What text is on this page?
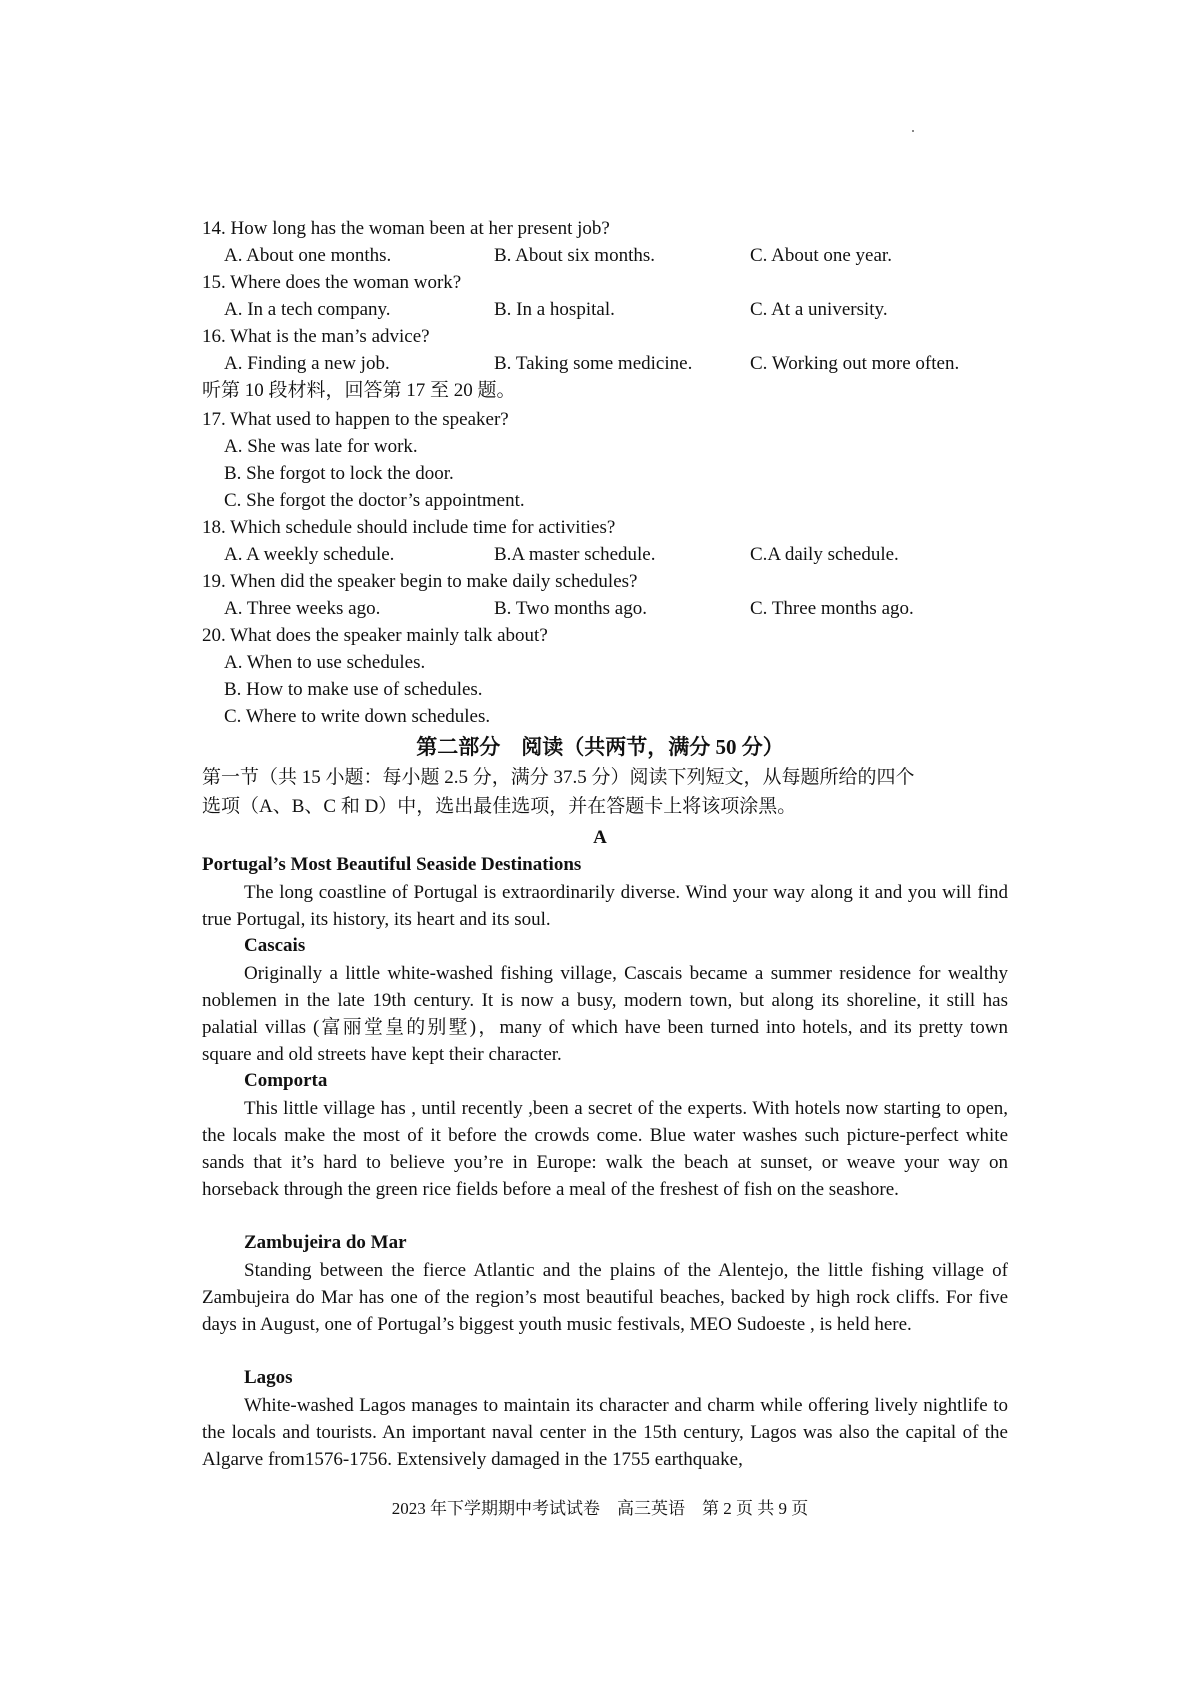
14. How long has the woman been at her present job?
A. About one months.	B. About six months.	C. About one year.
15. Where does the woman work?
A. In a tech company.	B. In a hospital.	C. At a university.
16. What is the man’s advice?
A. Finding a new job.	B. Taking some medicine.	C. Working out more often.
听第 10 段材料，回答第 17 至 20 题。
17. What used to happen to the speaker?
A. She was late for work.
B. She forgot to lock the door.
C. She forgot the doctor’s appointment.
18. Which schedule should include time for activities?
A. A weekly schedule.	B.A master schedule.	C.A daily schedule.
19. When did the speaker begin to make daily schedules?
A. Three weeks ago.	B. Two months ago.	C. Three months ago.
20. What does the speaker mainly talk about?
A. When to use schedules.
B. How to make use of schedules.
C. Where to write down schedules.
第二部分　阅读（共两节，满分 50 分）
第一节（共 15 小题：每小题 2.5 分，满分 37.5 分）阅读下列短文，从每题所给的四个
选项（A、B、C 和 D）中，选出最佳选项，并在答题卡上将该项涂黑。
A
Portugal’s Most Beautiful Seaside Destinations
The long coastline of Portugal is extraordinarily diverse. Wind your way along it and you will find true Portugal, its history, its heart and its soul.
Cascais
Originally a little white-washed fishing village, Cascais became a summer residence for wealthy noblemen in the late 19th century. It is now a busy, modern town, but along its shoreline, it still has palatial villas (富丽堂皇的别墅)，many of which have been turned into hotels, and its pretty town square and old streets have kept their character.
Comporta
This little village has , until recently ,been a secret of the experts. With hotels now starting to open, the locals make the most of it before the crowds come. Blue water washes such picture-perfect white sands that it’s hard to believe you’re in Europe: walk the beach at sunset, or weave your way on horseback through the green rice fields before a meal of the freshest of fish on the seashore.
Zambujeira do Mar
Standing between the fierce Atlantic and the plains of the Alentejo, the little fishing village of Zambujeira do Mar has one of the region’s most beautiful beaches, backed by high rock cliffs. For five days in August, one of Portugal’s biggest youth music festivals, MEO Sudoeste , is held here.
Lagos
White-washed Lagos manages to maintain its character and charm while offering lively nightlife to the locals and tourists. An important naval center in the 15th century, Lagos was also the capital of the Algarve from1576-1756. Extensively damaged in the 1755 earthquake,
2023 年下学期期中考试试卷　高三英语　第 2 页 共 9 页
